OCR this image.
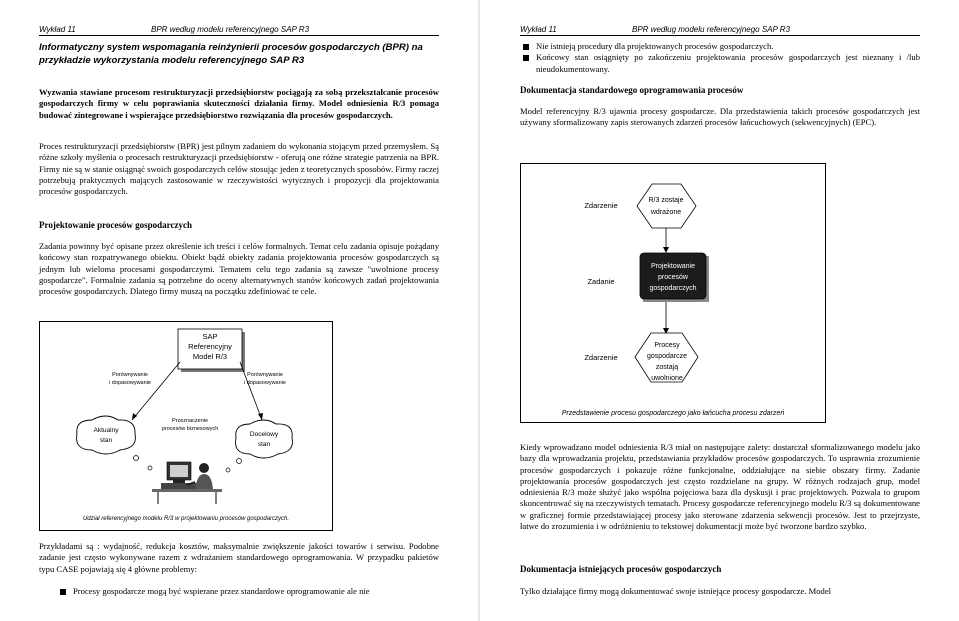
Wykład 11	BPR według modelu referencyjnego SAP R3
Informatyczny system wspomagania reinżynierii procesów gospodarczych (BPR) na
przykładzie wykorzystania modelu referencyjnego SAP R3
Wyzwania stawiane procesom restrukturyzacji przedsiębiorstw pociągają za sobą przekształcanie procesów gospodarczych firmy w celu poprawiania skuteczności działania firmy. Model odniesienia R/3 pomaga budować zintegrowane i wspierające przedsiębiorstwo rozwiązania dla procesów gospodarczych.
Proces restrukturyzacji przedsiębiorstw (BPR) jest pilnym zadaniem do wykonania stojącym przed przemysłem. Są różne szkoły myślenia o procesach restrukturyzacji przedsiębiorstw - oferują one różne strategie patrzenia na BPR. Firmy nie są w stanie osiągnąć swoich gospodarczych celów stosując jeden z teoretycznych sposobów. Firmy raczej potrzebują praktycznych mających zastosowanie w rzeczywistości wytycznych i propozycji dla projektowania procesów gospodarczych.
Projektowanie procesów gospodarczych
Zadania powinny być opisane przez określenie ich treści i celów formalnych. Temat celu zadania opisuje pożądany końcowy stan rozpatrywanego obiektu. Obiekt bądź obiekty zadania projektowania procesów gospodarczych są jednym lub wieloma procesami gospodarczymi. Tematem celu tego zadania są zawsze "uwolnione procesy gospodarcze". Formalnie zadania są potrzebne do oceny alternatywnych stanów końcowych zadań projektowania procesów gospodarczych. Dlatego firmy muszą na początku zdefiniować te cele.
SAP
Referencyjny
Model R/3
Porównywanie
i dopasowywanie
Porównywanie
i dopasowywanie
Przeznaczenie
procesów biznesowych
Aktualny
stan
Docelowy
stan
Udział referencyjnego modelu R/3 w projektowaniu procesów gospodarczych.
Przykładami są : wydajność, redukcja kosztów, maksymalnie zwiększenie jakości towarów i serwisu. Podobne zadanie jest często wykonywane razem z wdrażaniem standardowego oprogramowania. W przypadku pakietów typu CASE pojawiają się 4 główne problemy:
Procesy gospodarcze mogą być wspierane przez standardowe oprogramowanie ale nie
Wykład 11	BPR według modelu referencyjnego SAP R3
Nie istnieją procedury dla projektowanych procesów gospodarczych.
Końcowy stan osiągnięty po zakończeniu projektowania procesów gospodarczych jest nieznany i /lub nieudokumentowany.
Dokumentacja standardowego oprogramowania procesów
Model referencyjny R/3 ujawnia procesy gospodarcze. Dla przedstawienia takich procesów gospodarczych jest używany sformalizowany zapis sterowanych zdarzeń procesów łańcuchowych (sekwencyjnych) (EPC).
Zdarzenie
R/3 zostaje
wdrażone
Zadanie
Projektowanie
procesów
gospodarczych
Zdarzenie
Procesy
gospodarcze
zostają
uwolnione
Przedstawienie procesu gospodarczego jako łańcucha procesu zdarzeń
Kiedy wprowadzano model odniesienia R/3 miał on następujące zalety: dostarczał sformalizowanego modelu jako bazy dla wprowadzania projektu, przedstawiania przykładów procesów gospodarczych. To usprawnia zrozumienie procesów gospodarczych i pokazuje różne funkcjonalne, oddziałujące na siebie obszary firmy. Zadanie projektowania procesów gospodarczych jest często rozdzielane na grupy. W różnych rodzajach grup, model odniesienia R/3 może służyć jako wspólna pojęciowa baza dla dyskusji i prac projektowych. Pozwala to grupom skoncentrować się na rzeczywistych tematach. Procesy gospodarcze referencyjnego modelu R/3 są dokumentowane w graficznej formie przedstawiającej procesy jako sterowane zdarzenia sekwencji procesów. Jest to przejrzyste, łatwe do zrozumienia i w odróżnieniu to tekstowej dokumentacji może być tworzone bardzo szybko.
Dokumentacja istniejących procesów gospodarczych
Tylko działające firmy mogą dokumentować swoje istniejące procesy gospodarcze. Model
